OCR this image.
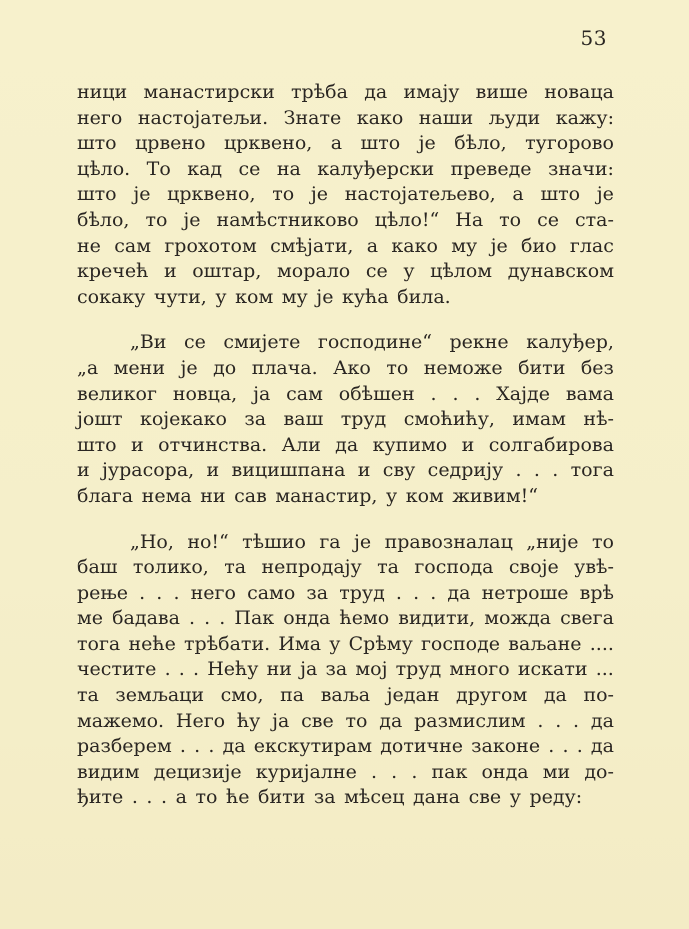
53
ници манастирски трѣба да имају више новаца
него настојатељи. Знате како наши људи кажу:
што црвено црквено, а што је бѣло, тугорово
цѣло. То кад се на калуђерски преведе значи:
што је црквено, то је настојатељево, а што је
бѣло, то је намѣстниково цѣло!“ На то се ста-
не сам грохотом смѣјати, а како му је био глас
кречећ и оштар, морало се у цѣлом дунавском
сокаку чути, у ком му је кућа била.
„Ви се смијете господине“ рекне калуђер,
„а мени је до плача. Ако то неможе бити без
великог новца, ја сам обѣшен . . . Хајде вама
јошт којекако за ваш труд смоћићу, имам нѣ-
што и отчинства. Али да купимо и солгабирова
и јурасора, и вицишпана и сву седрију . . . тога
блага нема ни сав манастир, у ком живим!“
„Но, но!“ тѣшио га је правозналац „није то
баш толико, та непродају та господа своје увѣ-
рење . . . него само за труд . . . да нетроше врѣ
ме бадава . . . Пак онда ћемо видити, можда свега
тога неће трѣбати. Има у Срѣму господе ваљане ....
честите . . . Нећу ни ја за мој труд много искати ...
та земљаци смо, па ваља један другом да по-
мажемо. Него ћу ја све то да размислим . . . да
разберем . . . да екскутирам дотичне законе . . . да
видим децизије куријалне . . . пак онда ми до-
ђите . . . а то ће бити за мѣсец дана све у реду:
